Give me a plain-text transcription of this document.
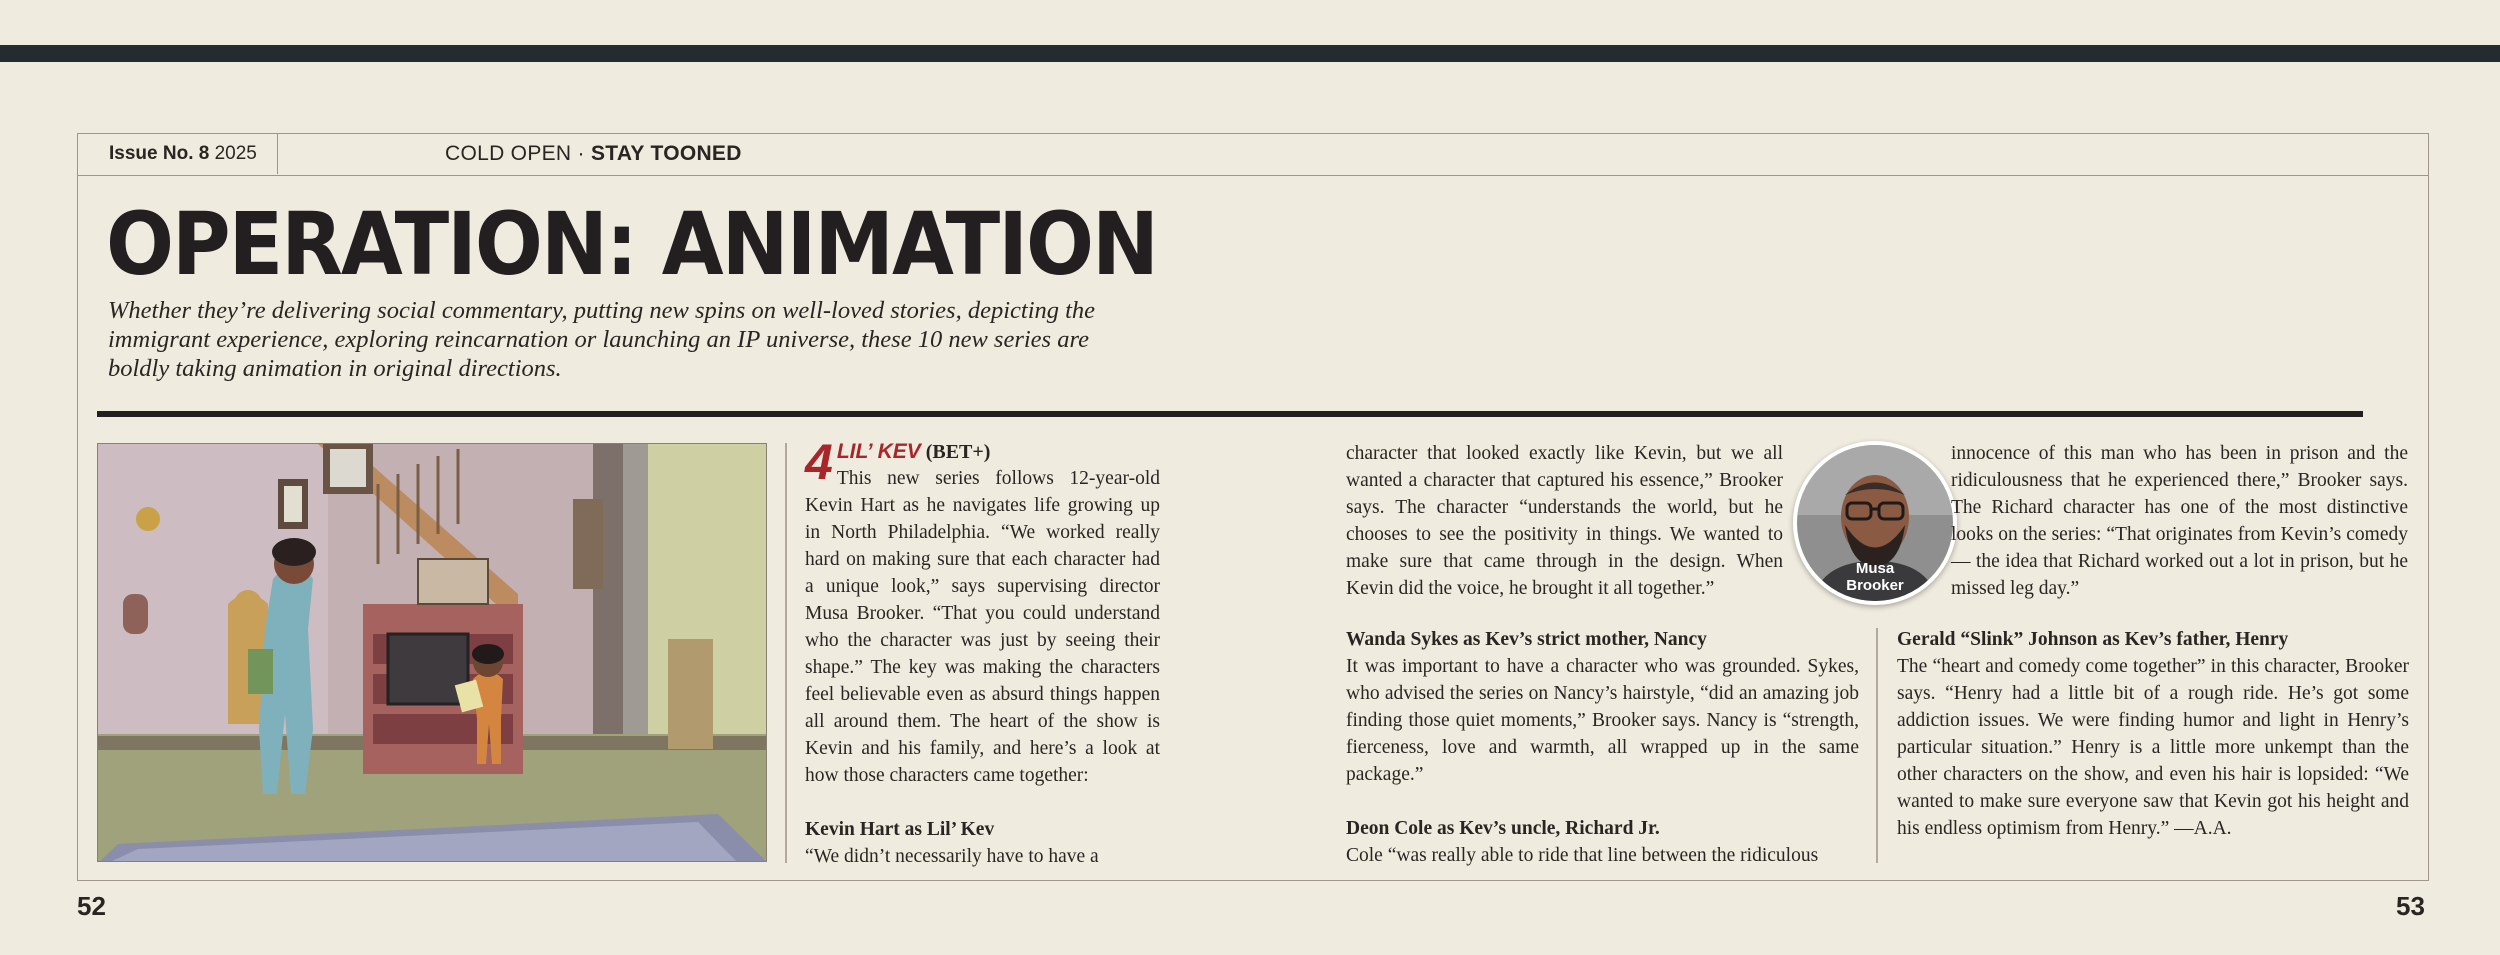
Issue No. 8 2025	COLD OPEN · STAY TOONED
OPERATION: ANIMATION

Whether they’re delivering social commentary, putting new spins on well-loved stories, depicting the immigrant experience, exploring reincarnation or launching an IP universe, these 10 new series are boldly taking animation in original directions.

4 LIL’ KEV (BET+)

This new series follows 12-year-old Kevin Hart as he navigates life growing up in North Philadelphia. “We worked really hard on making sure that each character had a unique look,” says supervising director Musa Brooker. “That you could understand who the character was just by seeing their shape.” The key was making the characters feel believable even as absurd things happen all around them. The heart of the show is Kevin and his family, and here’s a look at how those characters came together:

Kevin Hart as Lil’ Kev

“We didn’t necessarily have to have a

character that looked exactly like Kevin, but we all wanted a character that captured his essence,” Brooker says. The character “understands the world, but he chooses to see the positivity in things. We wanted to make sure that came through in the design. When Kevin did the voice, he brought it all together.”

Wanda Sykes as Kev’s strict mother, Nancy

It was important to have a character who was grounded. Sykes, who advised the series on Nancy’s hairstyle, “did an amazing job finding those quiet moments,” Brooker says. Nancy is “strength, fierceness, love and warmth, all wrapped up in the same package.”

Deon Cole as Kev’s uncle, Richard Jr.

Cole “was really able to ride that line between the ridiculous

Musa
Brooker

innocence of this man who has been in prison and the ridiculousness that he experienced there,” Brooker says. The Richard character has one of the most distinctive looks on the series: “That originates from Kevin’s comedy — the idea that Richard worked out a lot in prison, but he missed leg day.”

Gerald “Slink” Johnson as Kev’s father, Henry

The “heart and comedy come together” in this character, Brooker says. “Henry had a little bit of a rough ride. He’s got some addiction issues. We were finding humor and light in Henry’s particular situation.” Henry is a little more unkempt than the other characters on the show, and even his hair is lopsided: “We wanted to make sure everyone saw that Kevin got his height and his endless optimism from Henry.” —A.A.

52	53
